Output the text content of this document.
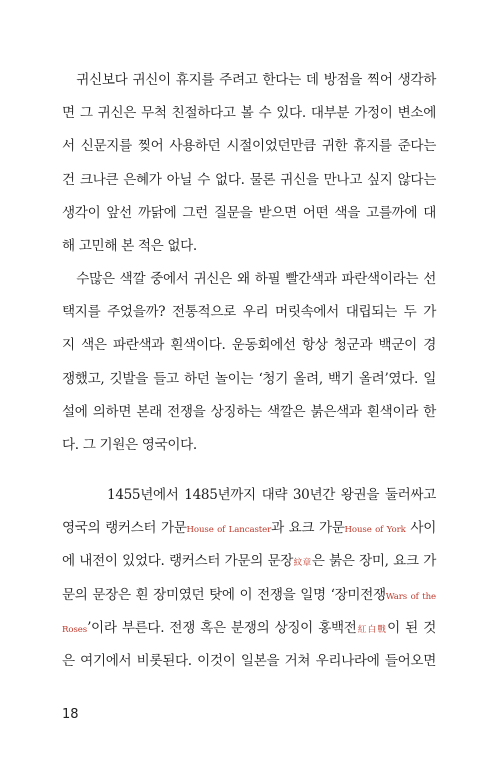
　귀신보다 귀신이 휴지를 주려고 한다는 데 방점을 찍어 생각하
면 그 귀신은 무척 친절하다고 볼 수 있다. 대부분 가정이 변소에
서 신문지를 찢어 사용하던 시절이었던만큼 귀한 휴지를 준다는
건 크나큰 은혜가 아닐 수 없다. 물론 귀신을 만나고 싶지 않다는
생각이 앞선 까닭에 그런 질문을 받으면 어떤 색을 고를까에 대
해 고민해 본 적은 없다.
　수많은 색깔 중에서 귀신은 왜 하필 빨간색과 파란색이라는 선
택지를 주었을까? 전통적으로 우리 머릿속에서 대립되는 두 가
지 색은 파란색과 흰색이다. 운동회에선 항상 청군과 백군이 경
쟁했고, 깃발을 들고 하던 놀이는 ‘청기 올려, 백기 올려’였다. 일
설에 의하면 본래 전쟁을 상징하는 색깔은 붉은색과 흰색이라 한
다. 그 기원은 영국이다.
　　　1455년에서 1485년까지 대략 30년간 왕권을 둘러싸고
영국의 랭커스터 가문House of Lancaster과 요크 가문House of York 사이
에 내전이 있었다. 랭커스터 가문의 문장紋章은 붉은 장미, 요크 가
문의 문장은 흰 장미였던 탓에 이 전쟁을 일명 ‘장미전쟁Wars of the
Roses’이라 부른다. 전쟁 혹은 분쟁의 상징이 홍백전紅白戰이 된 것
은 여기에서 비롯된다. 이것이 일본을 거쳐 우리나라에 들어오면
18
